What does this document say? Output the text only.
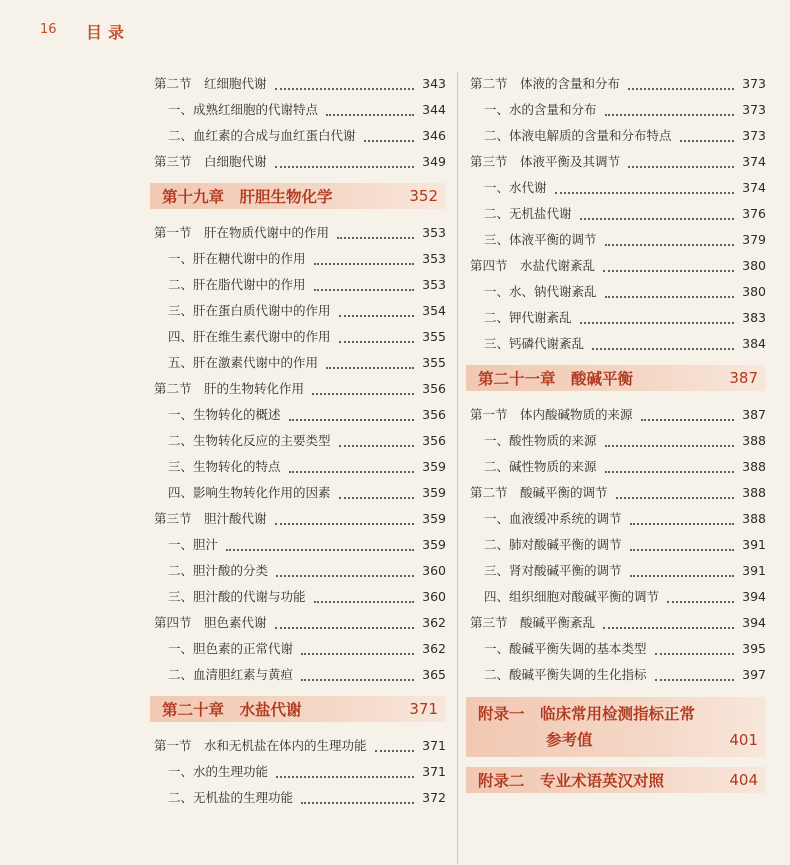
16 目录
第二节　红细胞代谢	343
一、成熟红细胞的代谢特点	344
二、血红素的合成与血红蛋白代谢	346
第三节　白细胞代谢	349
第十九章　肝胆生物化学	352
第一节　肝在物质代谢中的作用	353
一、肝在糖代谢中的作用	353
二、肝在脂代谢中的作用	353
三、肝在蛋白质代谢中的作用	354
四、肝在维生素代谢中的作用	355
五、肝在激素代谢中的作用	355
第二节　肝的生物转化作用	356
一、生物转化的概述	356
二、生物转化反应的主要类型	356
三、生物转化的特点	359
四、影响生物转化作用的因素	359
第三节　胆汁酸代谢	359
一、胆汁	359
二、胆汁酸的分类	360
三、胆汁酸的代谢与功能	360
第四节　胆色素代谢	362
一、胆色素的正常代谢	362
二、血清胆红素与黄疸	365
第二十章　水盐代谢	371
第一节　水和无机盐在体内的生理功能	371
一、水的生理功能	371
二、无机盐的生理功能	372
第二节　体液的含量和分布	373
一、水的含量和分布	373
二、体液电解质的含量和分布特点	373
第三节　体液平衡及其调节	374
一、水代谢	374
二、无机盐代谢	376
三、体液平衡的调节	379
第四节　水盐代谢紊乱	380
一、水、钠代谢紊乱	380
二、钾代谢紊乱	383
三、钙磷代谢紊乱	384
第二十一章　酸碱平衡	387
第一节　体内酸碱物质的来源	387
一、酸性物质的来源	388
二、碱性物质的来源	388
第二节　酸碱平衡的调节	388
一、血液缓冲系统的调节	388
二、肺对酸碱平衡的调节	391
三、肾对酸碱平衡的调节	391
四、组织细胞对酸碱平衡的调节	394
第三节　酸碱平衡紊乱	394
一、酸碱平衡失调的基本类型	395
二、酸碱平衡失调的生化指标	397
附录一　临床常用检测指标正常
参考值	401
附录二　专业术语英汉对照	404
